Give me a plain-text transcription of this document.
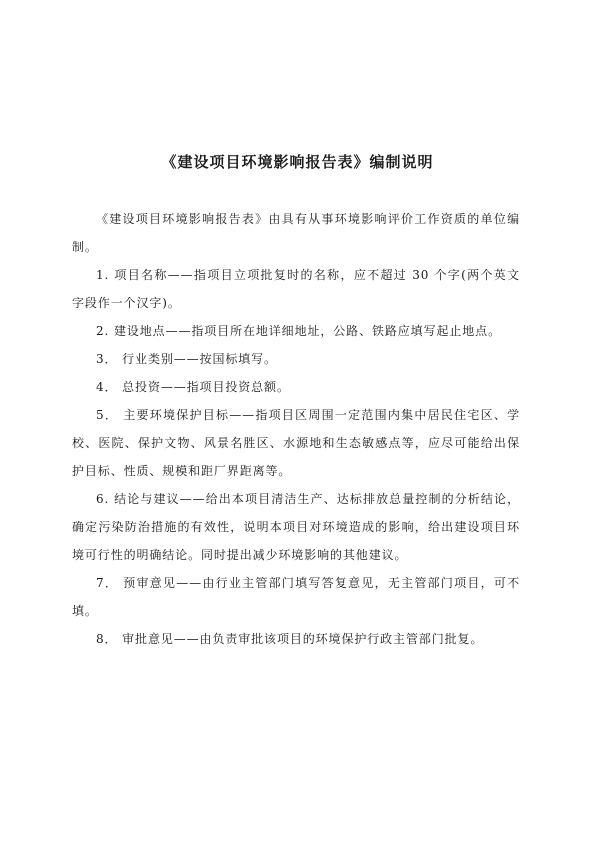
《建设项目环境影响报告表》编制说明

《建设项目环境影响报告表》由具有从事环境影响评价工作资质的单位编制。

1. 项目名称——指项目立项批复时的名称，应不超过 30 个字(两个英文字段作一个汉字)。

2. 建设地点——指项目所在地详细地址，公路、铁路应填写起止地点。

3． 行业类别——按国标填写。

4． 总投资——指项目投资总额。

5． 主要环境保护目标——指项目区周围一定范围内集中居民住宅区、学校、医院、保护文物、风景名胜区、水源地和生态敏感点等，应尽可能给出保护目标、性质、规模和距厂界距离等。

6. 结论与建议——给出本项目清洁生产、达标排放总量控制的分析结论，确定污染防治措施的有效性，说明本项目对环境造成的影响，给出建设项目环境可行性的明确结论。同时提出减少环境影响的其他建议。

7． 预审意见——由行业主管部门填写答复意见，无主管部门项目，可不填。

8． 审批意见——由负责审批该项目的环境保护行政主管部门批复。
